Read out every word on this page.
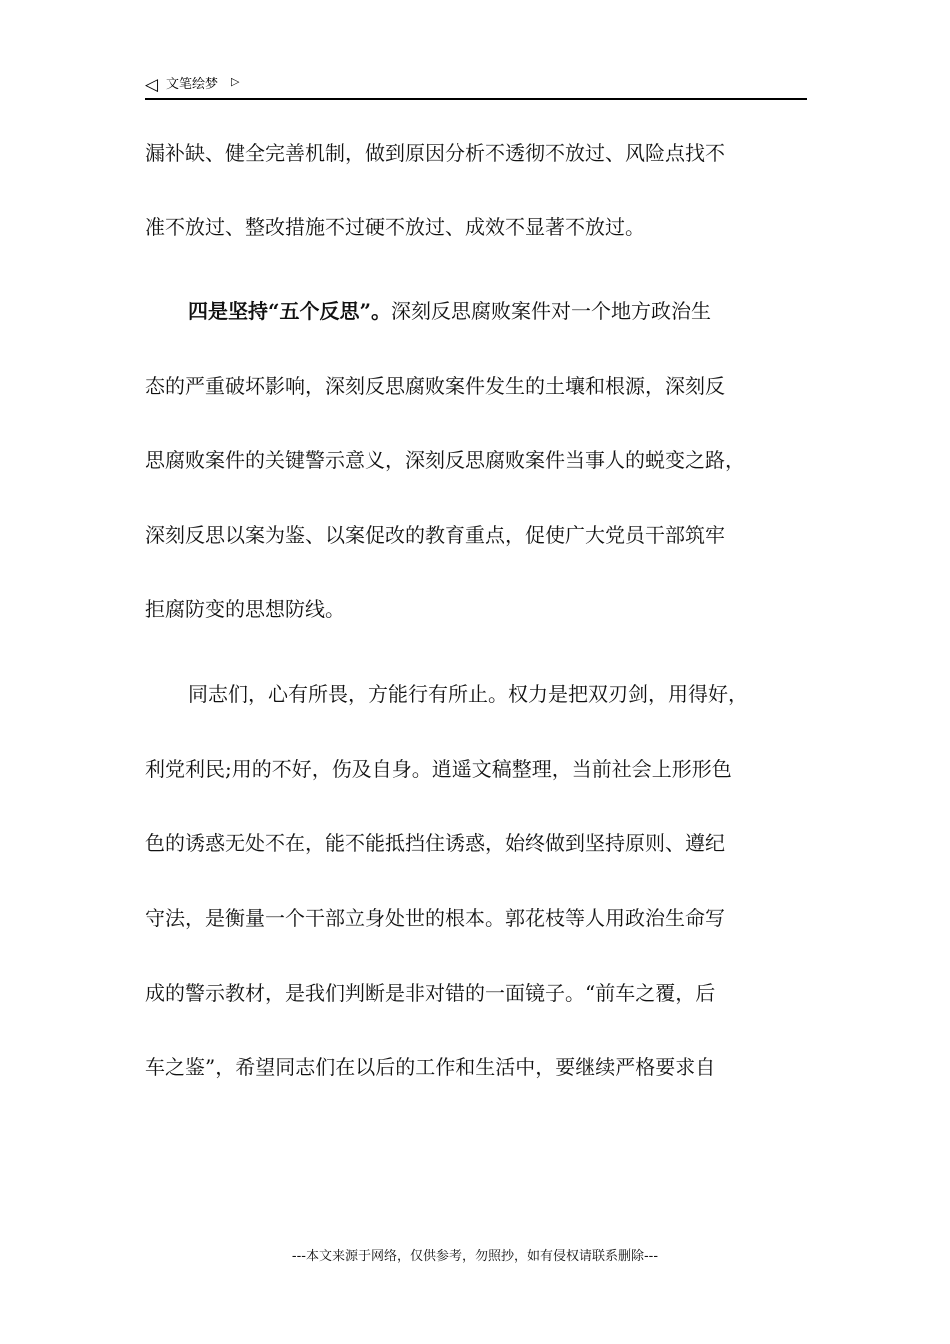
◁ 文笔绘梦 ▷

漏补缺、健全完善机制，做到原因分析不透彻不放过、风险点找不

准不放过、整改措施不过硬不放过、成效不显著不放过。

四是坚持“五个反思”。深刻反思腐败案件对一个地方政治生

态的严重破坏影响，深刻反思腐败案件发生的土壤和根源，深刻反

思腐败案件的关键警示意义，深刻反思腐败案件当事人的蜕变之路，

深刻反思以案为鉴、以案促改的教育重点，促使广大党员干部筑牢

拒腐防变的思想防线。

同志们，心有所畏，方能行有所止。权力是把双刃剑，用得好，

利党利民;用的不好，伤及自身。逍遥文稿整理，当前社会上形形色

色的诱惑无处不在，能不能抵挡住诱惑，始终做到坚持原则、遵纪

守法，是衡量一个干部立身处世的根本。郭花枝等人用政治生命写

成的警示教材，是我们判断是非对错的一面镜子。“前车之覆，后

车之鉴”，希望同志们在以后的工作和生活中，要继续严格要求自

---本文来源于网络，仅供参考，勿照抄，如有侵权请联系删除---
